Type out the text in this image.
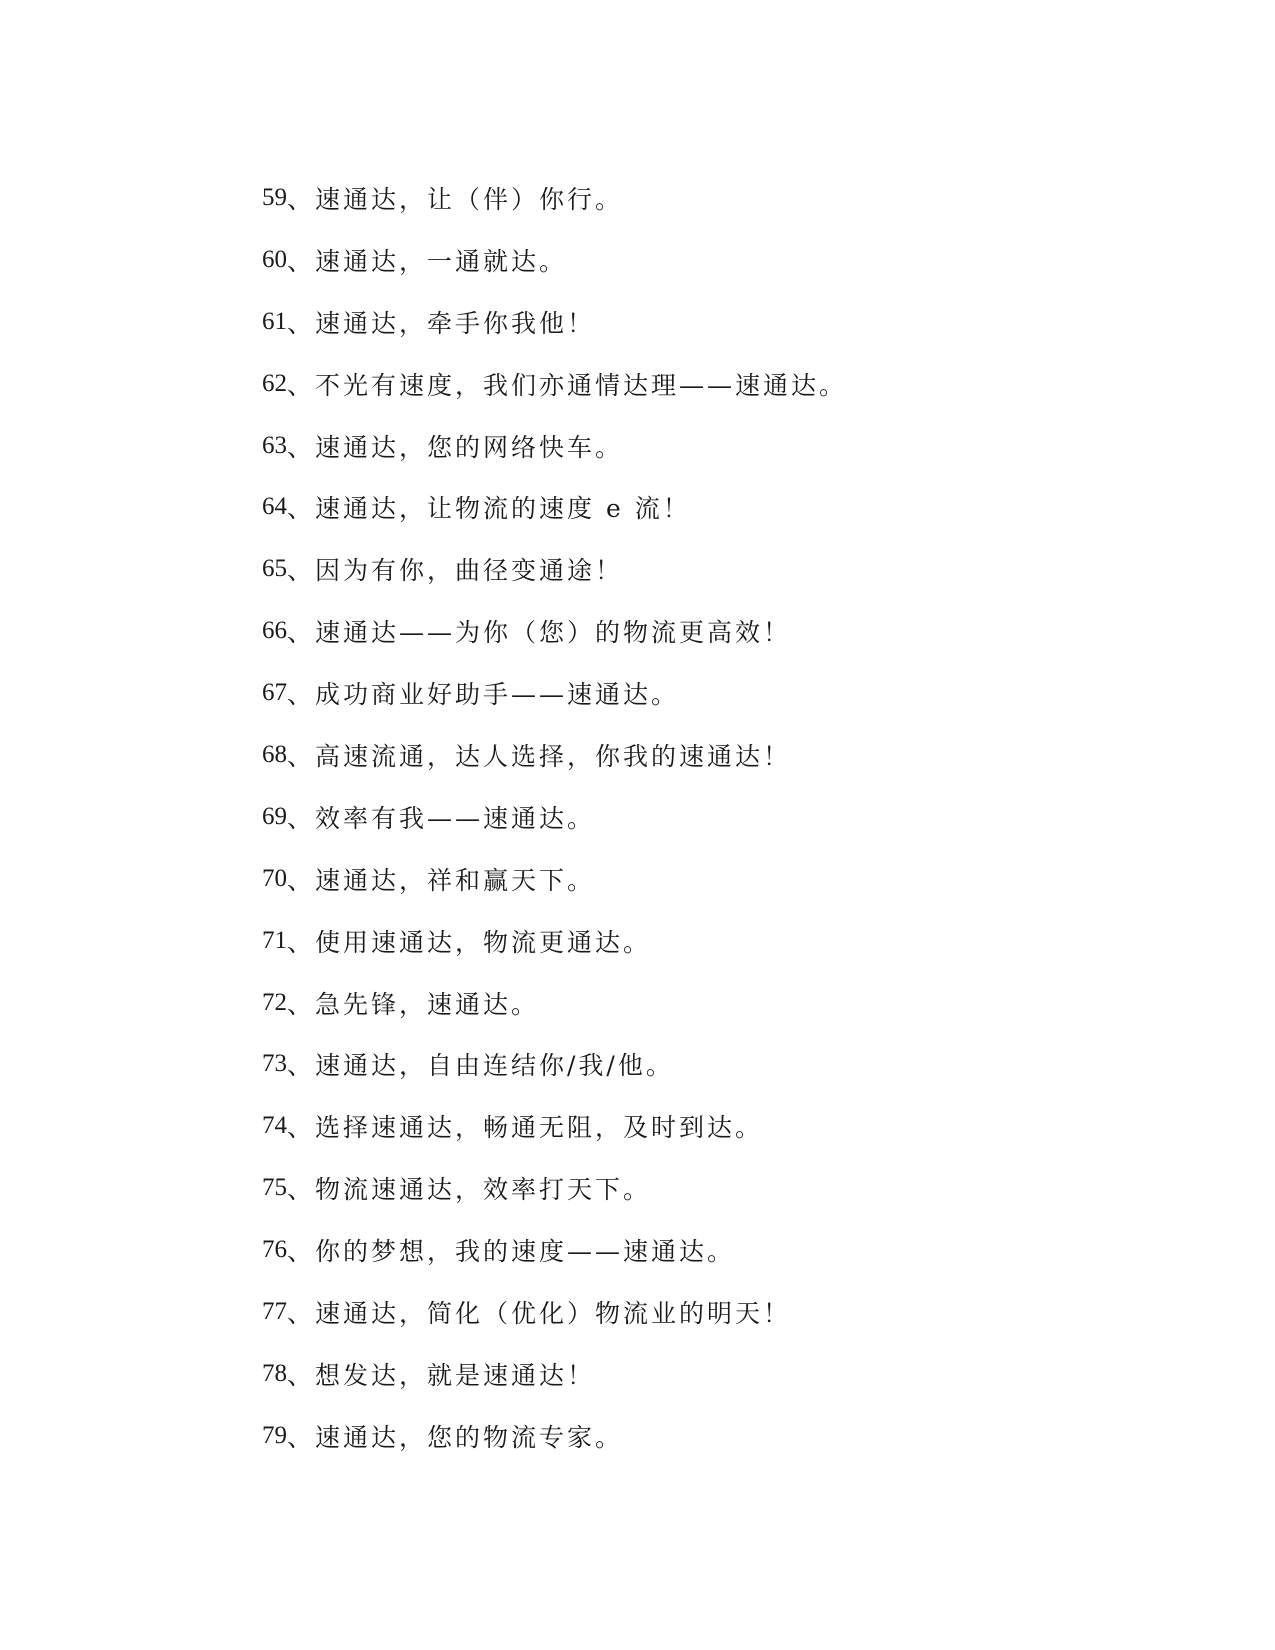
59 、速通达，让（伴）你行。
60 、速通达，一通就达。
61 、速通达，牵手你我他！
62 、不光有速度，我们亦通情达理——速通达。
63 、速通达，您的网络快车。
64 、速通达，让物流的速度 e 流！
65 、因为有你，曲径变通途！
66 、速通达——为你（您）的物流更高效！
67 、成功商业好助手——速通达。
68 、高速流通，达人选择，你我的速通达！
69 、效率有我——速通达。
70 、速通达，祥和赢天下。
71 、使用速通达，物流更通达。
72 、急先锋，速通达。
73 、速通达，自由连结你/我/他。
74 、选择速通达，畅通无阻，及时到达。
75 、物流速通达，效率打天下。
76 、你的梦想，我的速度——速通达。
77 、速通达，简化（优化）物流业的明天！
78 、想发达，就是速通达！
79 、速通达，您的物流专家。
